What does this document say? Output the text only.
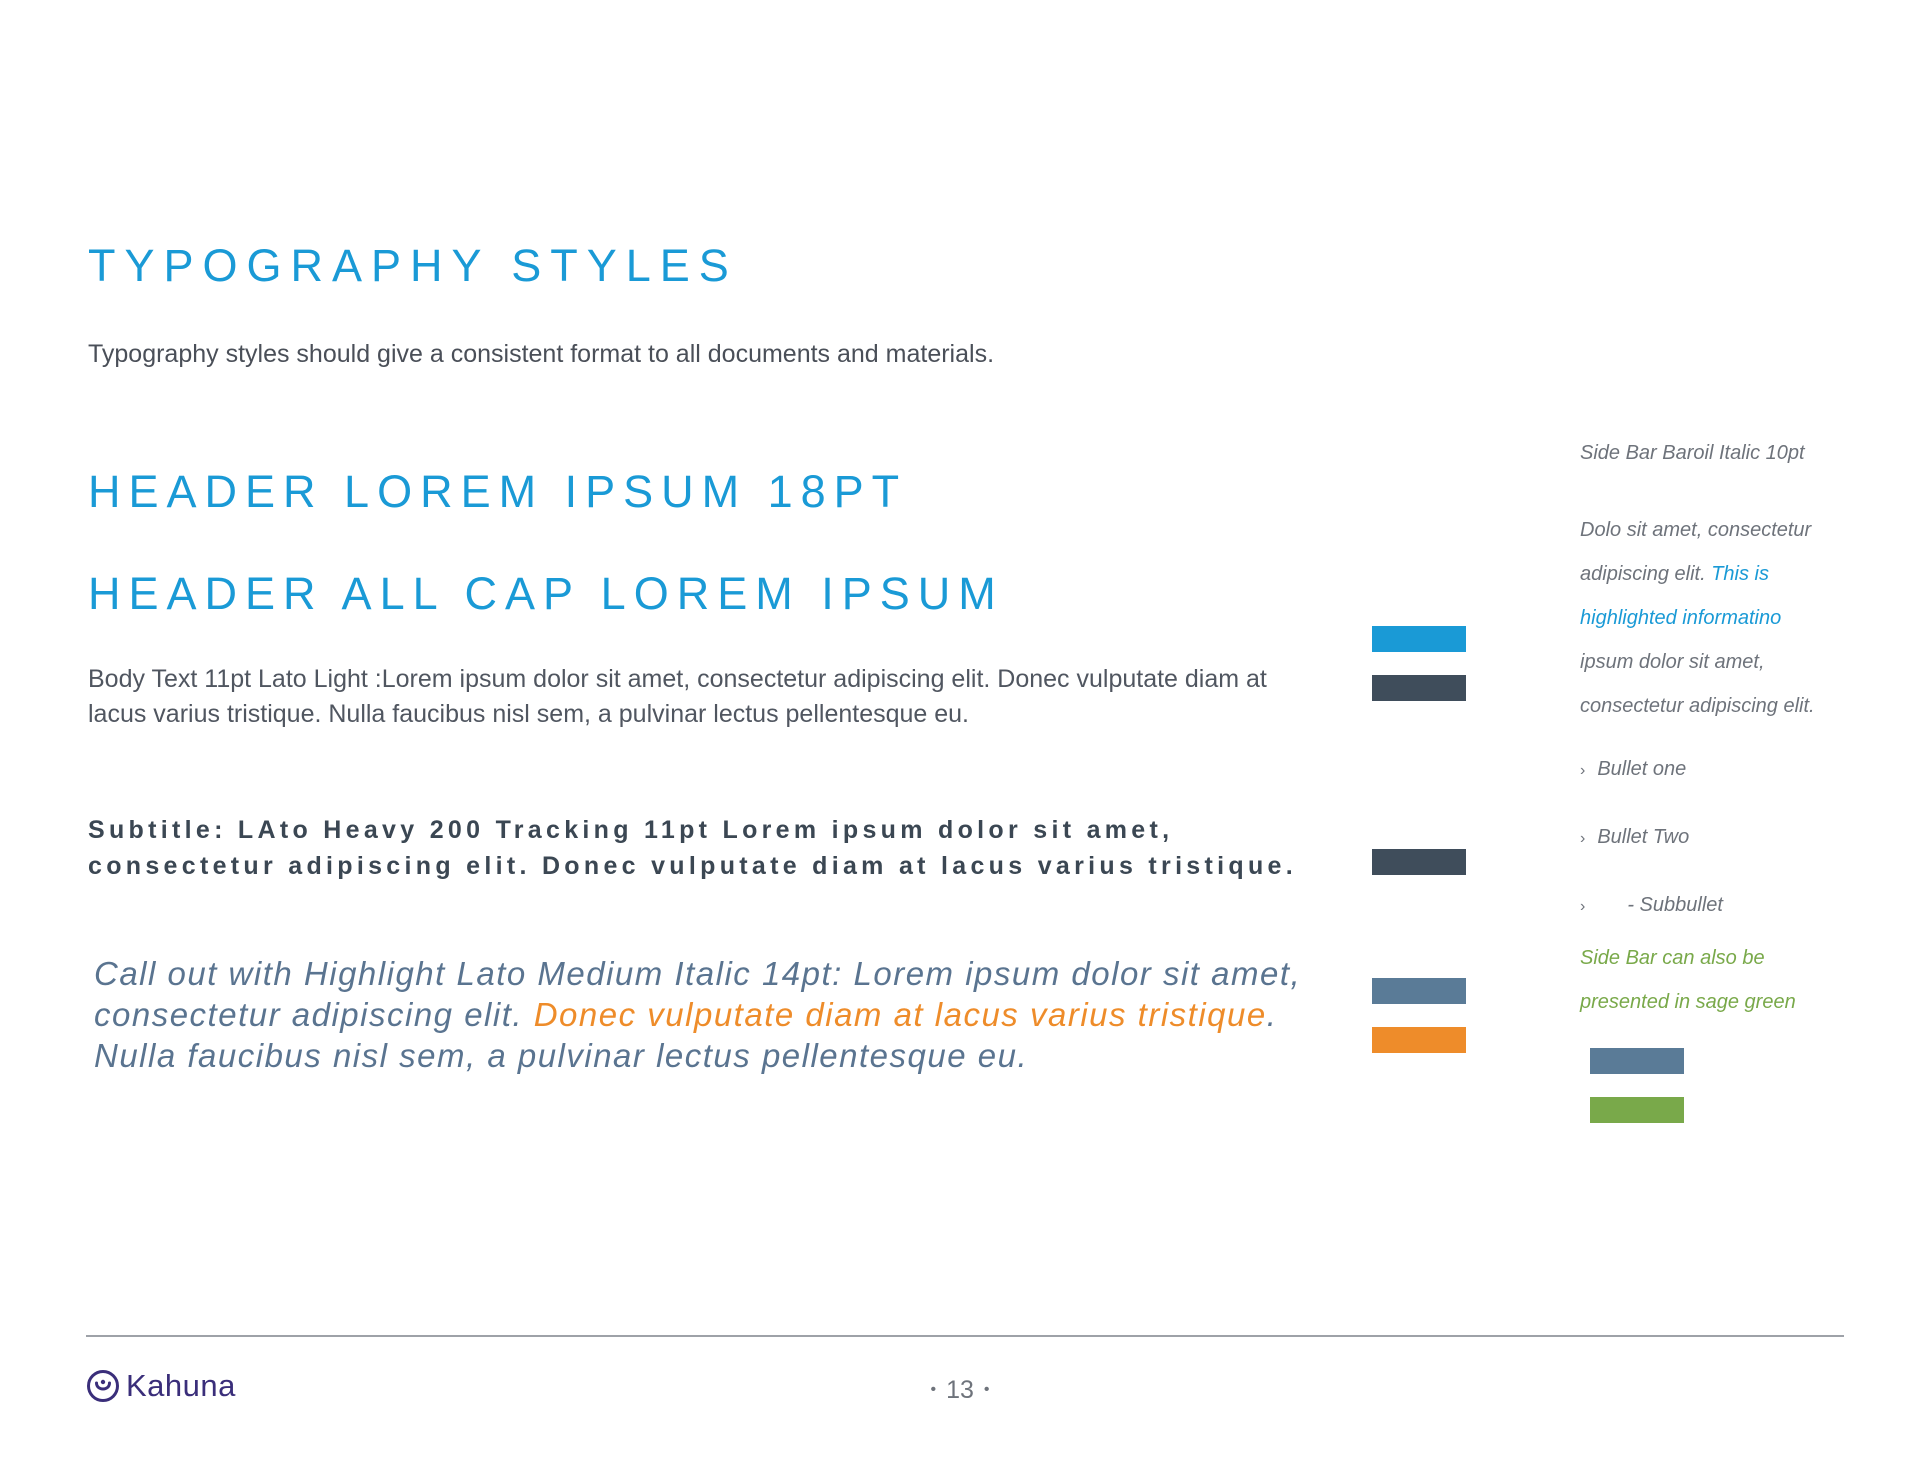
TYPOGRAPHY STYLES
Typography styles should give a consistent format to all documents and materials.
HEADER LOREM IPSUM 18PT
HEADER ALL CAP LOREM IPSUM
Body Text 11pt Lato Light :Lorem ipsum dolor sit amet, consectetur adipiscing elit. Donec vulputate diam at lacus varius tristique. Nulla faucibus nisl sem, a pulvinar lectus pellentesque eu.
Subtitle: LAto Heavy 200 Tracking 11pt Lorem ipsum dolor sit amet, consectetur adipiscing elit. Donec vulputate diam at lacus varius tristique.
Call out with Highlight Lato Medium Italic 14pt: Lorem ipsum dolor sit amet, consectetur adipiscing elit. Donec vulputate diam at lacus varius tristique. Nulla faucibus nisl sem, a pulvinar lectus pellentesque eu.
Side Bar Baroil Italic 10pt
Dolo sit amet, consectetur adipiscing elit. This is highlighted informatino ipsum dolor sit amet, consectetur adipiscing elit.
› Bullet one
› Bullet Two
› - Subbullet
Side Bar can also be presented in sage green
Kahuna	• 13 •
